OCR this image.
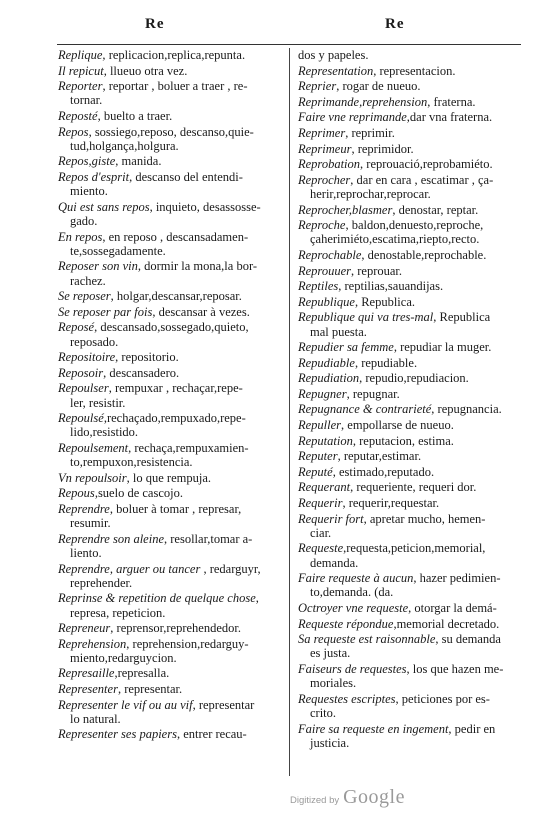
Re	Re
Replique, replicacion,replica,repunta.
Il repicut, llueuo otra vez.
Reporter, reportar , boluer a traer , re-
tornar.
Reposté, buelto a traer.
Repos, sossiego,reposo, descanso,quie-
tud,holgança,holgura.
Repos,giste, manida.
Repos d'esprit, descanso del entendi-
miento.
Qui est sans repos, inquieto, desassosse-
gado.
En repos, en reposo , descansadamen-
te,sossegadamente.
Reposer son vin, dormir la mona,la bor-
rachez.
Se reposer, holgar,descansar,reposar.
Se reposer par fois, descansar à vezes.
Reposé, descansado,sossegado,quieto,
reposado.
Repositoire, repositorio.
Reposoir, descansadero.
Repoulser, rempuxar , rechaçar,repe-
ler, resistir.
Repoulsé,rechaçado,rempuxado,repe-
lido,resistido.
Repoulsement, rechaça,rempuxamien-
to,rempuxon,resistencia.
Vn repoulsoir, lo que rempuja.
Repous,suelo de cascojo.
Reprendre, boluer à tomar , represar,
resumir.
Reprendre son aleine, resollar,tomar a-
liento.
Reprendre, arguer ou tancer , redarguyr,
reprehender.
Reprinse & repetition de quelque chose,
represa, repeticion.
Repreneur, reprensor,reprehendedor.
Reprehension, reprehension,redarguy-
miento,redarguycion.
Represaille,represalla.
Representer, representar.
Representer le vif ou au vif, representar
lo natural.
Representer ses papiers, entrer recau-
dos y papeles.
Representation, representacion.
Reprier, rogar de nueuo.
Reprimande,reprehension, fraterna.
Faire vne reprimande,dar vna fraterna.
Reprimer, reprimir.
Reprimeur, reprimidor.
Reprobation, reprouació,reprobamiéto.
Reprocher, dar en cara , escatimar , ça-
herir,reprochar,reprocar.
Reprocher,blasmer, denostar, reptar.
Reproche, baldon,denuesto,reproche,
çaherimiéto,escatima,riepto,recto.
Reprochable, denostable,reprochable.
Reprouuer, reprouar.
Reptiles, reptilias,sauandijas.
Republique, Republica.
Republique qui va tres-mal, Republica
mal puesta.
Repudier sa femme, repudiar la muger.
Repudiable, repudiable.
Repudiation, repudio,repudiacion.
Repugner, repugnar.
Repugnance & contrarieté, repugnancia.
Repuller, empollarse de nueuo.
Reputation, reputacion, estima.
Reputer, reputar,estimar.
Reputé, estimado,reputado.
Requerant, requeriente, requeri dor.
Requerir, requerir,requestar.
Requerir fort, apretar mucho, hemen-
ciar.
Requeste,requesta,peticion,memorial,
demanda.
Faire requeste à aucun, hazer pedimien-
to,demanda. (da.
Octroyer vne requeste, otorgar la demá-
Requeste répondue,memorial decretado.
Sa requeste est raisonnable, su demanda
es justa.
Faiseurs de requestes, los que hazen me-
moriales.
Requestes escriptes, peticiones por es-
crito.
Faire sa requeste en ingement, pedir en
justicia.
Digitized by Google
